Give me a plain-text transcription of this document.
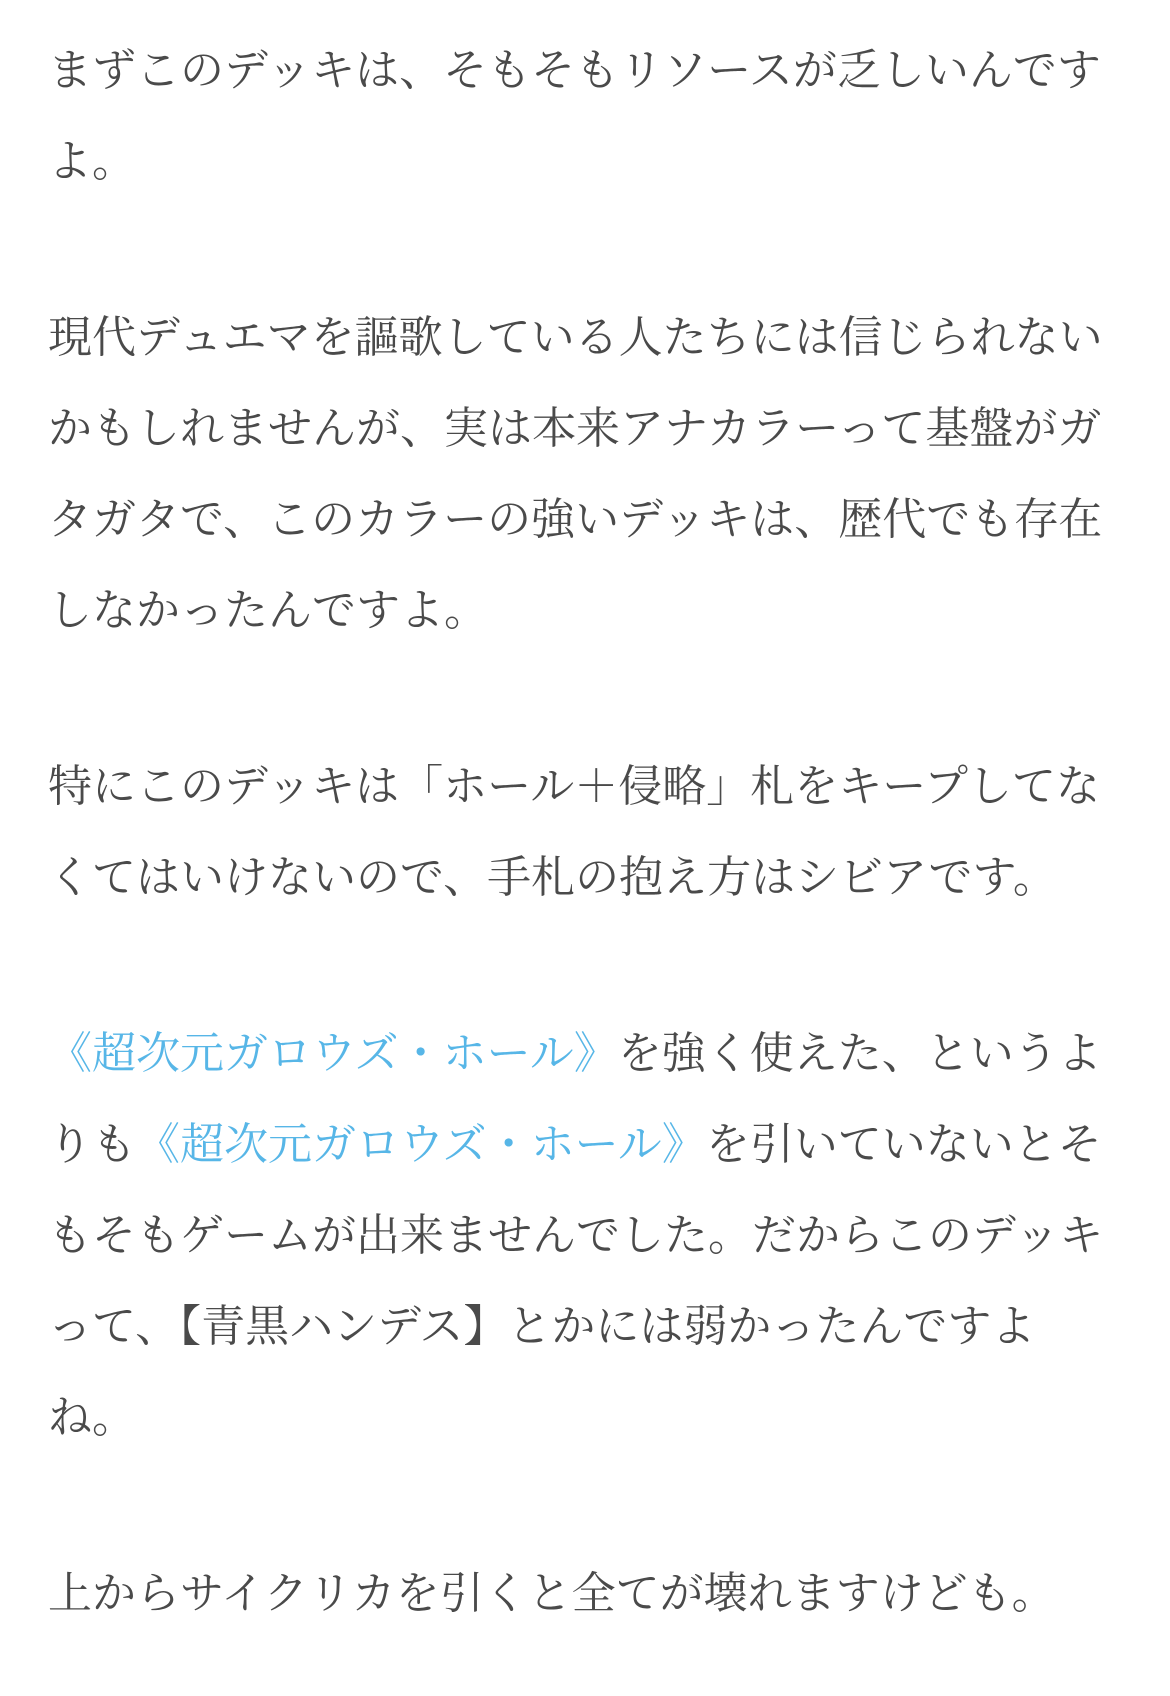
まずこのデッキは、そもそもリソースが乏しいんですよ。

現代デュエマを謳歌している人たちには信じられないかもしれませんが、実は本来アナカラーって基盤がガタガタで、このカラーの強いデッキは、歴代でも存在しなかったんですよ。

特にこのデッキは「ホール＋侵略」札をキープしてなくてはいけないので、手札の抱え方はシビアです。

《超次元ガロウズ・ホール》を強く使えた、というよりも《超次元ガロウズ・ホール》を引いていないとそもそもゲームが出来ませんでした。だからこのデッキって、【青黒ハンデス】とかには弱かったんですよね。

上からサイクリカを引くと全てが壊れますけども。
